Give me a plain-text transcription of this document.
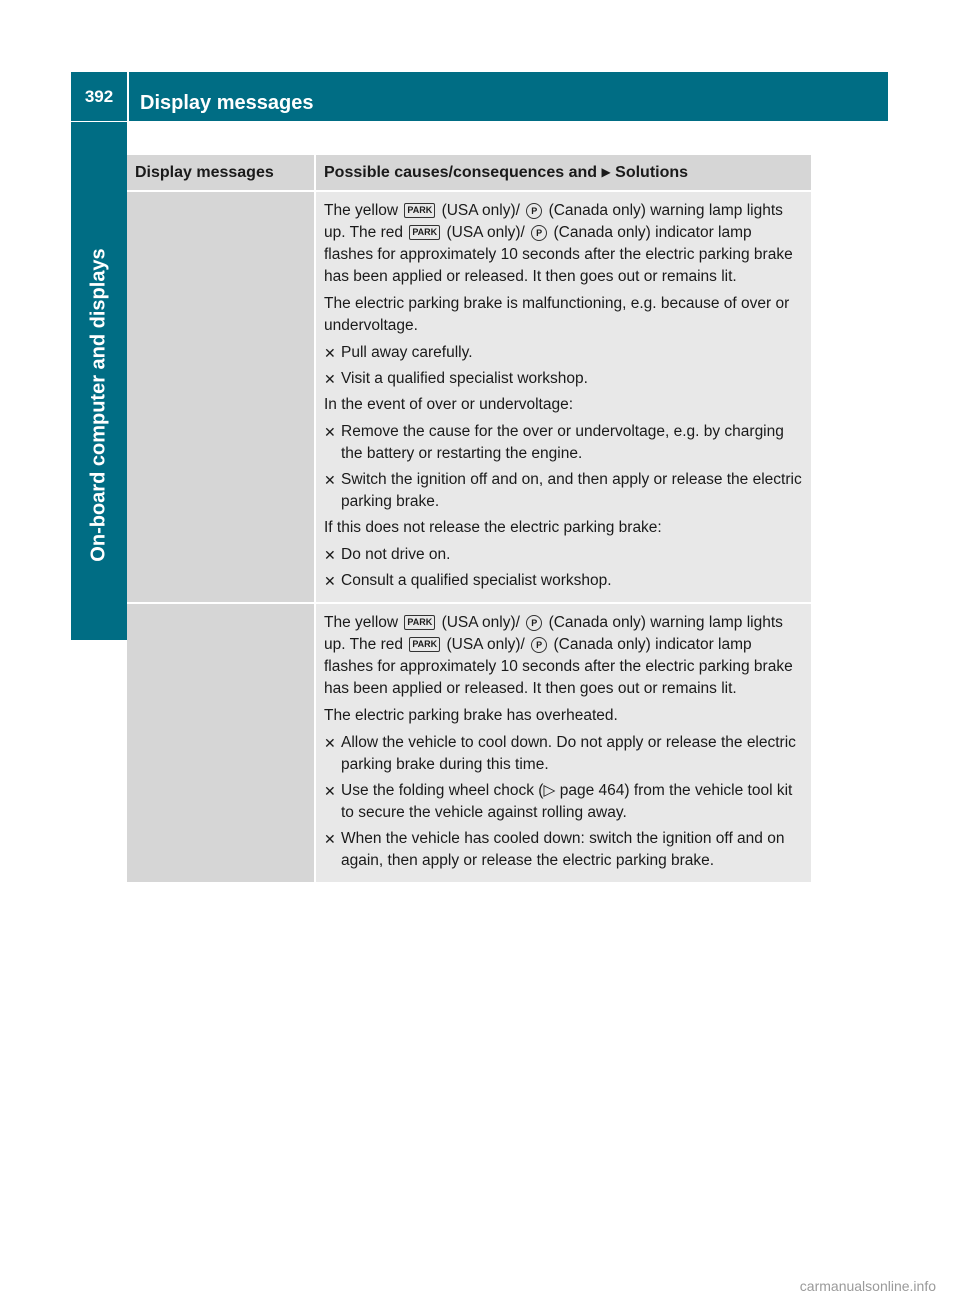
392	Display messages
On-board computer and displays
Display messages	Possible causes/consequences and ▶ Solutions

The yellow PARK (USA only)/ P (Canada only) warning lamp lights up. The red PARK (USA only)/ P (Canada only) indicator lamp flashes for approximately 10 seconds after the electric parking brake has been applied or released. It then goes out or remains lit.

The electric parking brake is malfunctioning, e.g. because of over or undervoltage.

✕ Pull away carefully.
✕ Visit a qualified specialist workshop.

In the event of over or undervoltage:

✕ Remove the cause for the over or undervoltage, e.g. by charging the battery or restarting the engine.
✕ Switch the ignition off and on, and then apply or release the electric parking brake.

If this does not release the electric parking brake:

✕ Do not drive on.
✕ Consult a qualified specialist workshop.

The yellow PARK (USA only)/ P (Canada only) warning lamp lights up. The red PARK (USA only)/ P (Canada only) indicator lamp flashes for approximately 10 seconds after the electric parking brake has been applied or released. It then goes out or remains lit.

The electric parking brake has overheated.

✕ Allow the vehicle to cool down. Do not apply or release the electric parking brake during this time.
✕ Use the folding wheel chock (▷ page 464) from the vehicle tool kit to secure the vehicle against rolling away.
✕ When the vehicle has cooled down: switch the ignition off and on again, then apply or release the electric parking brake.
carmanualsonline.info
